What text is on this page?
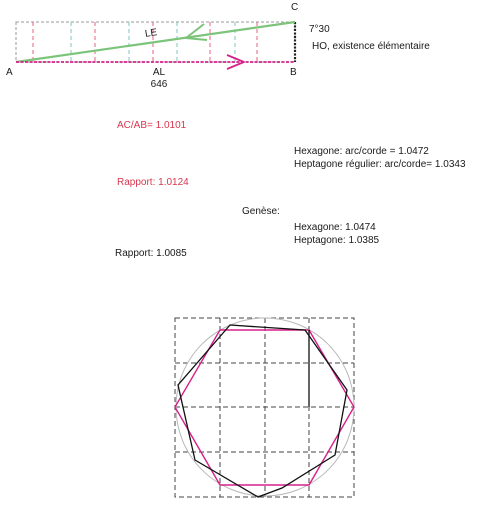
C
A	B
7°30
HO, existence élémentaire
LE
AL
646
AC/AB= 1.0101
Hexagone: arc/corde = 1.0472
Heptagone régulier: arc/corde= 1.0343
Rapport: 1.0124
Genèse:
Hexagone: 1.0474
Heptagone: 1.0385
Rapport: 1.0085
